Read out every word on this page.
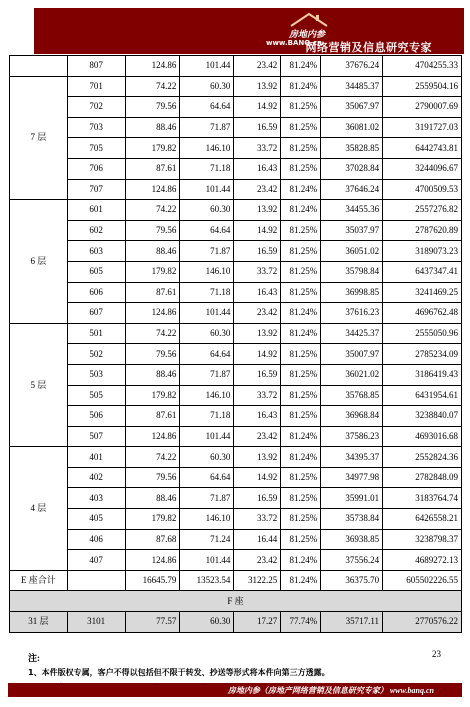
房地内参
www.BANQ.cn
网络营销及信息研究专家
	807	124.86	101.44	23.42	81.24%	37676.24	4704255.33
7 层	701	74.22	60.30	13.92	81.24%	34485.37	2559504.16
	702	79.56	64.64	14.92	81.25%	35067.97	2790007.69
	703	88.46	71.87	16.59	81.25%	36081.02	3191727.03
	705	179.82	146.10	33.72	81.25%	35828.85	6442743.81
	706	87.61	71.18	16.43	81.25%	37028.84	3244096.67
	707	124.86	101.44	23.42	81.24%	37646.24	4700509.53
6 层	601	74.22	60.30	13.92	81.24%	34455.36	2557276.82
	602	79.56	64.64	14.92	81.25%	35037.97	2787620.89
	603	88.46	71.87	16.59	81.25%	36051.02	3189073.23
	605	179.82	146.10	33.72	81.25%	35798.84	6437347.41
	606	87.61	71.18	16.43	81.25%	36998.85	3241469.25
	607	124.86	101.44	23.42	81.24%	37616.23	4696762.48
5 层	501	74.22	60.30	13.92	81.24%	34425.37	2555050.96
	502	79.56	64.64	14.92	81.25%	35007.97	2785234.09
	503	88.46	71.87	16.59	81.25%	36021.02	3186419.43
	505	179.82	146.10	33.72	81.25%	35768.85	6431954.61
	506	87.61	71.18	16.43	81.25%	36968.84	3238840.07
	507	124.86	101.44	23.42	81.24%	37586.23	4693016.68
4 层	401	74.22	60.30	13.92	81.24%	34395.37	2552824.36
	402	79.56	64.64	14.92	81.25%	34977.98	2782848.09
	403	88.46	71.87	16.59	81.25%	35991.01	3183764.74
	405	179.82	146.10	33.72	81.25%	35738.84	6426558.21
	406	87.68	71.24	16.44	81.25%	36938.85	3238798.37
	407	124.86	101.44	23.42	81.24%	37556.24	4689272.13
E 座合计		16645.79	13523.54	3122.25	81.24%	36375.70	605502226.55
F 座							
31 层	3101	77.57	60.30	17.27	77.74%	35717.11	2770576.22
23
注:
1、本件版权专属，客户不得以包括但不限于转发、抄送等形式将本件向第三方透露。
房地内参（房地产网络营销及信息研究专家） www.banq.cn
